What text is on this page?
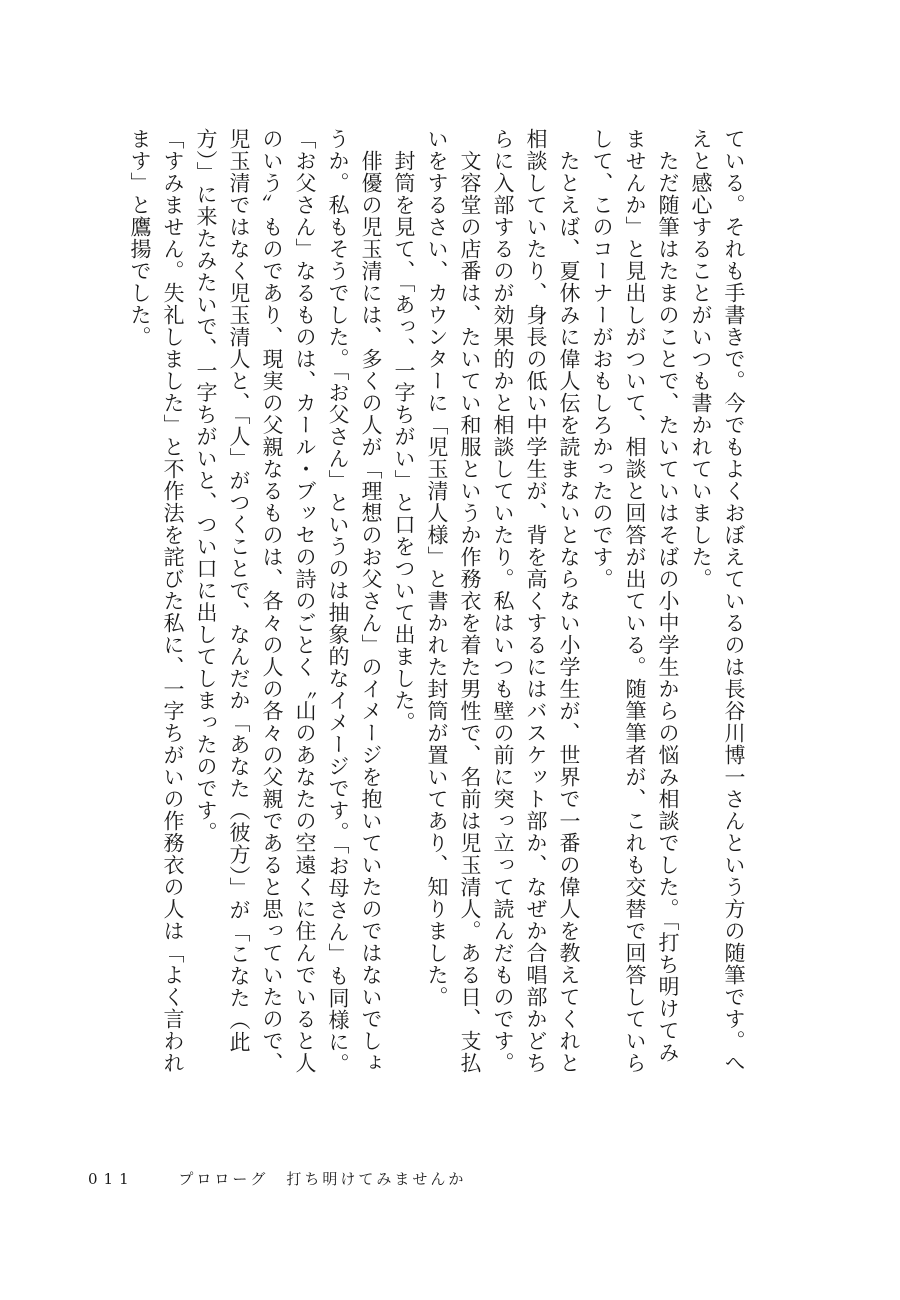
ている。それも手書きで。今でもよくおぼえているのは長谷川博一さんという方の随筆です。へ
えと感心することがいつも書かれていました。
　ただ随筆はたまのことで、たいていはそばの小中学生からの悩み相談でした。「打ち明けてみ
ませんか」と見出しがついて、相談と回答が出ている。随筆筆者が、これも交替で回答していら
して、このコーナーがおもしろかったのです。
　たとえば、夏休みに偉人伝を読まないとならない小学生が、世界で一番の偉人を教えてくれと
相談していたり、身長の低い中学生が、背を高くするにはバスケット部か、なぜか合唱部かどち
らに入部するのが効果的かと相談していたり。私はいつも壁の前に突っ立って読んだものです。
　文容堂の店番は、たいてい和服というか作務衣を着た男性で、名前は児玉清人。ある日、支払
いをするさい、カウンターに「児玉清人様」と書かれた封筒が置いてあり、知りました。
　封筒を見て、「あっ、一字ちがい」と口をついて出ました。
　俳優の児玉清には、多くの人が「理想のお父さん」のイメージを抱いていたのではないでしょ
うか。私もそうでした。「お父さん」というのは抽象的なイメージです。「お母さん」も同様に。
「お父さん」なるものは、カール・ブッセの詩のごとく〝山のあなたの空遠くに住んでいると人
のいう〟ものであり、現実の父親なるものは、各々の人の各々の父親であると思っていたので、
児玉清ではなく児玉清人と、「人」がつくことで、なんだか「あなた（彼方）」が「こなた（此
方）」に来たみたいで、一字ちがいと、つい口に出してしまったのです。
「すみません。失礼しました」と不作法を詫びた私に、一字ちがいの作務衣の人は「よく言われ
ます」と鷹揚でした。
011	プロローグ　打ち明けてみませんか
